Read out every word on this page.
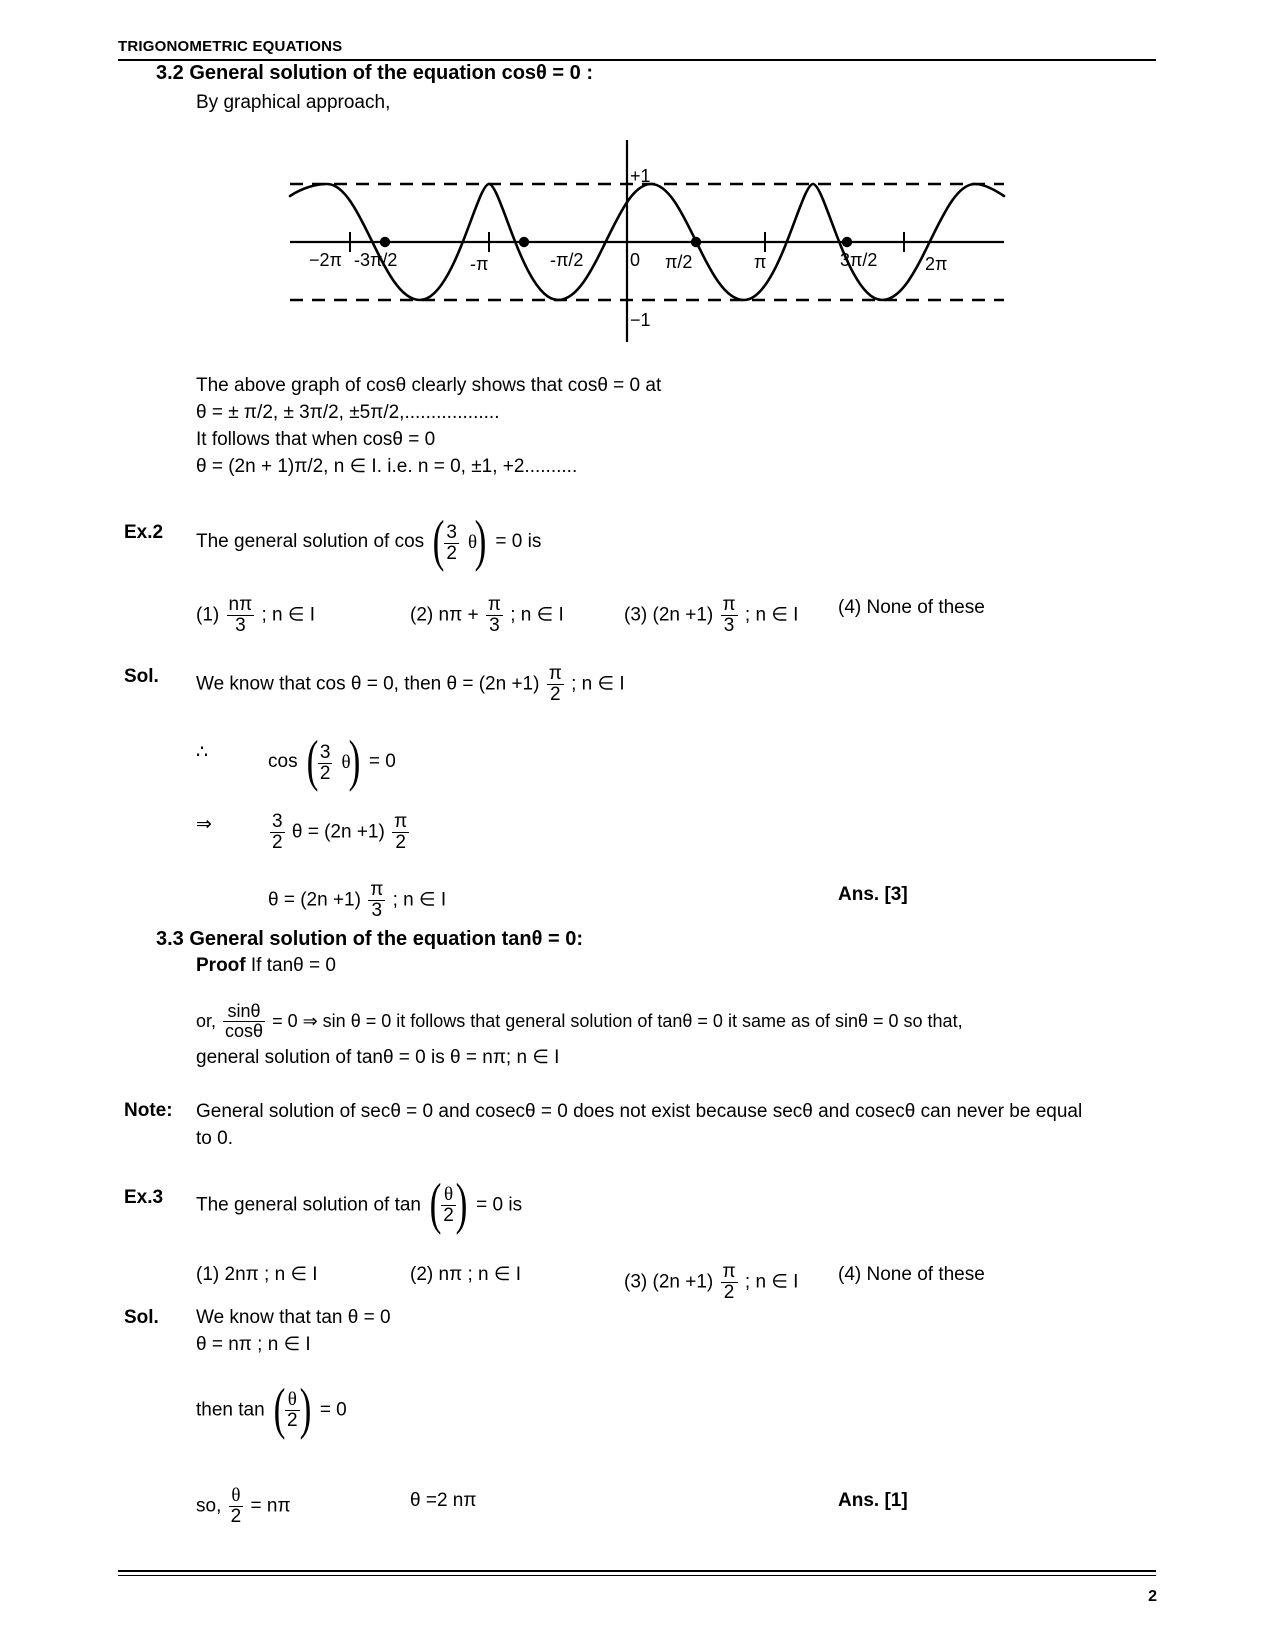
TRIGONOMETRIC EQUATIONS
3.2 General solution of the equation cosθ = 0 :
By graphical approach,
+1
−1
0
−2π -3π/2	-π	-π/2	π/2	π	3π/2	2π
The above graph of cosθ clearly shows that cosθ = 0 at
θ = ± π/2, ± 3π/2, ±5π/2,..................
It follows that when cosθ = 0
θ = (2n + 1)π/2, n ∈ I. i.e. n = 0, ±1, +2..........
Ex.2 The general solution of cos ( $\frac{3}{2}$ θ
) = 0 is
$(1) \frac{n\pi}{3}$ ; n ∈ I	(2) $n\pi + \frac{\pi}{3}$ ; n ∈ I	(3) $(2n +1) \frac{\pi}{3}$ ; n ∈ I (4) None of these
Sol. We know that cos θ = 0, then $\theta = (2n +1) \frac{\pi}{2}$ ; n ∈ I
∴	cos ( $\frac{3}{2}$ θ
) = 0
⇒	$\frac{3}{2}$ $\theta = (2n +1) \frac{\pi}{2}$
$\theta = (2n +1) \frac{\pi}{3}$ ; n ∈ I	Ans. [3]
3.3 General solution of the equation tanθ = 0:
Proof If tanθ = 0
or, $\frac{\sin\theta}{\cos\theta} = 0$ ⇒ sin θ = 0 it follows that general solution of tanθ = 0 it same as of sinθ = 0 so that,
general solution of tanθ = 0 is θ = nπ; n ∈ I
Note: General solution of secθ = 0 and cosecθ = 0 does not exist because secθ and cosecθ can never be equal to 0.
Ex.3 The general solution of tan ( $\frac{\theta}{2}$
) = 0 is
(1) 2nπ ; n ∈ I	(2) nπ ; n ∈ I	(3) $(2n +1) \frac{\pi}{2}$ ; n ∈ I (4) None of these
Sol. We know that tan θ = 0
θ = nπ ; n ∈ I
then tan ( $\frac{\theta}{2}$
) = 0
so, $\frac{\theta}{2} = n\pi$	θ =2 nπ	Ans. [1]
2
